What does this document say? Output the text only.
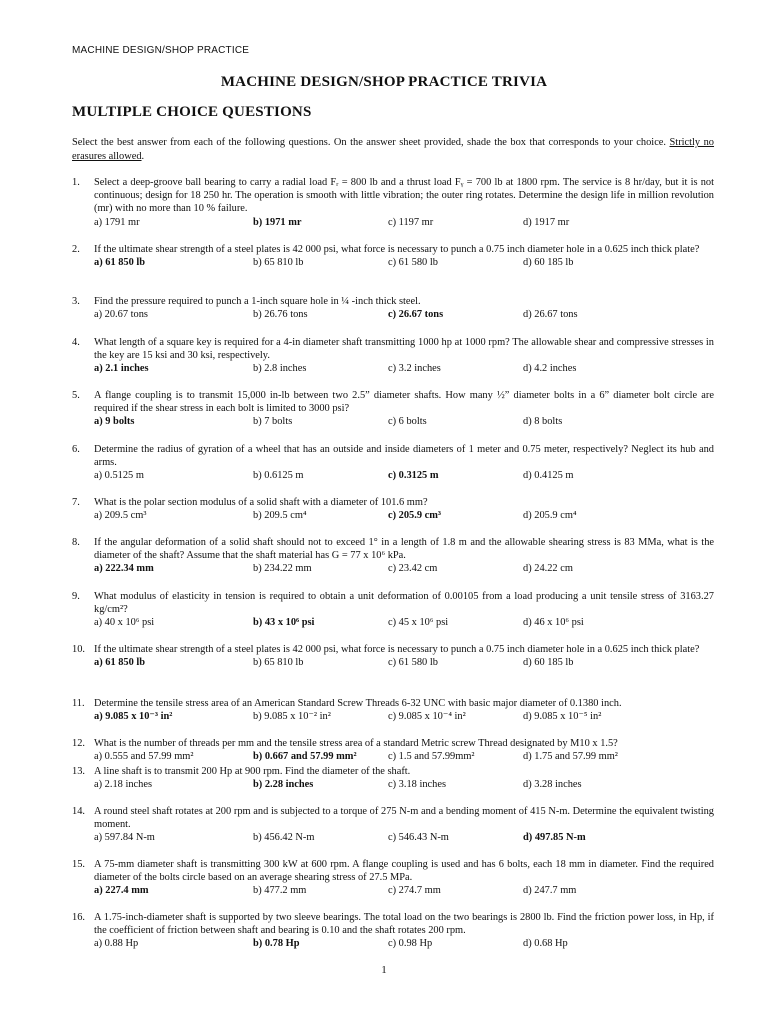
MACHINE DESIGN/SHOP PRACTICE
MACHINE DESIGN/SHOP PRACTICE TRIVIA
MULTIPLE CHOICE QUESTIONS
Select the best answer from each of the following questions. On the answer sheet provided, shade the box that corresponds to your choice. Strictly no erasures allowed.
1. Select a deep-groove ball bearing to carry a radial load Fᵣ = 800 lb and a thrust load Fᵧ = 700 lb at 1800 rpm. The service is 8 hr/day, but it is not continuous; design for 18 250 hr. The operation is smooth with little vibration; the outer ring rotates. Determine the design life in million revolution (mr) with no more than 10 % failure.
a) 1791 mr	b) 1971 mr	c) 1197 mr	d) 1917 mr
2. If the ultimate shear strength of a steel plates is 42 000 psi, what force is necessary to punch a 0.75 inch diameter hole in a 0.625 inch thick plate?
a) 61 850 lb	b) 65 810 lb	c) 61 580 lb	d) 60 185 lb
3. Find the pressure required to punch a 1-inch square hole in ¼ -inch thick steel.
a) 20.67 tons	b) 26.76 tons	c) 26.67 tons	d) 26.67 tons
4. What length of a square key is required for a 4-in diameter shaft transmitting 1000 hp at 1000 rpm? The allowable shear and compressive stresses in the key are 15 ksi and 30 ksi, respectively.
a) 2.1 inches	b) 2.8 inches	c) 3.2 inches	d) 4.2 inches
5. A flange coupling is to transmit 15,000 in-lb between two 2.5” diameter shafts. How many ½” diameter bolts in a 6” diameter bolt circle are required if the shear stress in each bolt is limited to 3000 psi?
a) 9 bolts	b) 7 bolts	c) 6 bolts	d) 8 bolts
6. Determine the radius of gyration of a wheel that has an outside and inside diameters of 1 meter and 0.75 meter, respectively? Neglect its hub and arms.
a) 0.5125 m	b) 0.6125 m	c) 0.3125 m	d) 0.4125 m
7. What is the polar section modulus of a solid shaft with a diameter of 101.6 mm?
a) 209.5 cm³	b) 209.5 cm⁴	c) 205.9 cm³	d) 205.9 cm⁴
8. If the angular deformation of a solid shaft should not to exceed 1° in a length of 1.8 m and the allowable shearing stress is 83 MMa, what is the diameter of the shaft? Assume that the shaft material has G = 77 x 10⁶ kPa.
a) 222.34 mm	b) 234.22 mm	c) 23.42 cm	d) 24.22 cm
9. What modulus of elasticity in tension is required to obtain a unit deformation of 0.00105 from a load producing a unit tensile stress of 3163.27 kg/cm²?
a) 40 x 10⁶ psi	b) 43 x 10⁶ psi	c) 45 x 10⁶ psi	d) 46 x 10⁶ psi
10. If the ultimate shear strength of a steel plates is 42 000 psi, what force is necessary to punch a 0.75 inch diameter hole in a 0.625 inch thick plate?
a) 61 850 lb	b) 65 810 lb	c) 61 580 lb	d) 60 185 lb
11. Determine the tensile stress area of an American Standard Screw Threads 6-32 UNC with basic major diameter of 0.1380 inch.
a) 9.085 x 10⁻³ in²	b) 9.085 x 10⁻² in²	c) 9.085 x 10⁻⁴ in²	d) 9.085 x 10⁻⁵ in²
12. What is the number of threads per mm and the tensile stress area of a standard Metric screw Thread designated by M10 x 1.5?
a) 0.555 and 57.99 mm²	b) 0.667 and 57.99 mm²	c) 1.5 and 57.99mm²	d) 1.75 and 57.99 mm²
13. A line shaft is to transmit 200 Hp at 900 rpm. Find the diameter of the shaft.
a) 2.18 inches	b) 2.28 inches	c) 3.18 inches	d) 3.28 inches
14. A round steel shaft rotates at 200 rpm and is subjected to a torque of 275 N-m and a bending moment of 415 N-m. Determine the equivalent twisting moment.
a) 597.84 N-m	b) 456.42 N-m	c) 546.43 N-m	d) 497.85 N-m
15. A 75-mm diameter shaft is transmitting 300 kW at 600 rpm. A flange coupling is used and has 6 bolts, each 18 mm in diameter. Find the required diameter of the bolts circle based on an average shearing stress of 27.5 MPa.
a) 227.4 mm	b) 477.2 mm	c) 274.7 mm	d) 247.7 mm
16. A 1.75-inch-diameter shaft is supported by two sleeve bearings. The total load on the two bearings is 2800 lb. Find the friction power loss, in Hp, if the coefficient of friction between shaft and bearing is 0.10 and the shaft rotates 200 rpm.
a) 0.88 Hp	b) 0.78 Hp	c) 0.98 Hp	d) 0.68 Hp
1
